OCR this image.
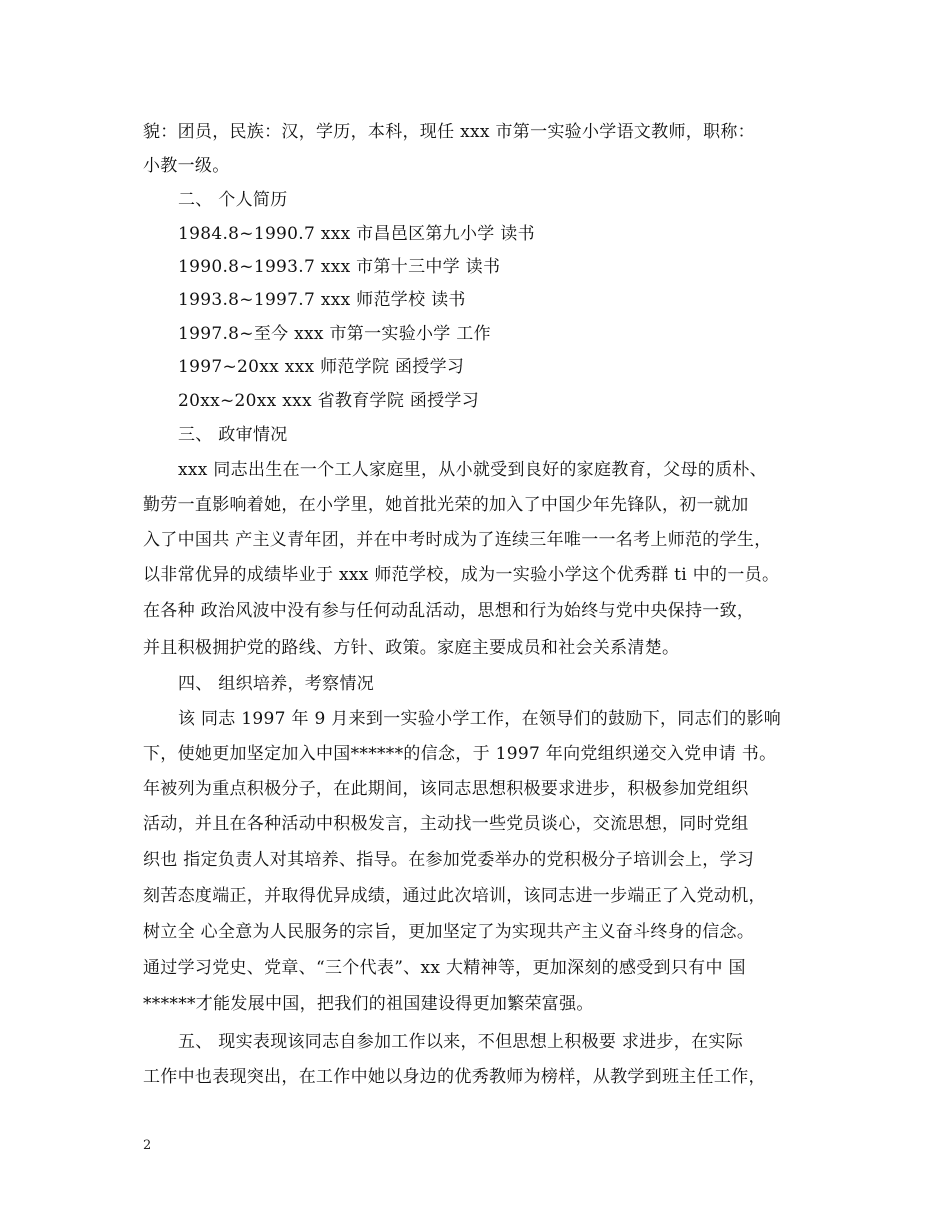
貌：团员，民族：汉，学历，本科，现任 xxx 市第一实验小学语文教师，职称：
小教一级。
二、 个人简历
1984.8~1990.7 xxx 市昌邑区第九小学 读书
1990.8~1993.7 xxx 市第十三中学 读书
1993.8~1997.7 xxx 师范学校 读书
1997.8~至今 xxx 市第一实验小学 工作
1997~20xx xxx 师范学院 函授学习
20xx~20xx xxx 省教育学院 函授学习
三、 政审情况
xxx 同志出生在一个工人家庭里，从小就受到良好的家庭教育，父母的质朴、
勤劳一直影响着她，在小学里，她首批光荣的加入了中国少年先锋队，初一就加
入了中国共 产主义青年团，并在中考时成为了连续三年唯一一名考上师范的学生，
以非常优异的成绩毕业于 xxx 师范学校，成为一实验小学这个优秀群 ti 中的一员。
在各种 政治风波中没有参与任何动乱活动，思想和行为始终与党中央保持一致，
并且积极拥护党的路线、方针、政策。家庭主要成员和社会关系清楚。
四、 组织培养，考察情况
该 同志 1997 年 9 月来到一实验小学工作，在领导们的鼓励下，同志们的影响
下，使她更加坚定加入中国******的信念，于 1997 年向党组织递交入党申请 书。
年被列为重点积极分子，在此期间，该同志思想积极要求进步，积极参加党组织
活动，并且在各种活动中积极发言，主动找一些党员谈心，交流思想，同时党组
织也 指定负责人对其培养、指导。在参加党委举办的党积极分子培训会上，学习
刻苦态度端正，并取得优异成绩，通过此次培训，该同志进一步端正了入党动机，
树立全 心全意为人民服务的宗旨，更加坚定了为实现共产主义奋斗终身的信念。
通过学习党史、党章、“三个代表”、xx 大精神等，更加深刻的感受到只有中 国
******才能发展中国，把我们的祖国建设得更加繁荣富强。
五、 现实表现该同志自参加工作以来，不但思想上积极要 求进步，在实际
工作中也表现突出，在工作中她以身边的优秀教师为榜样，从教学到班主任工作，
2
